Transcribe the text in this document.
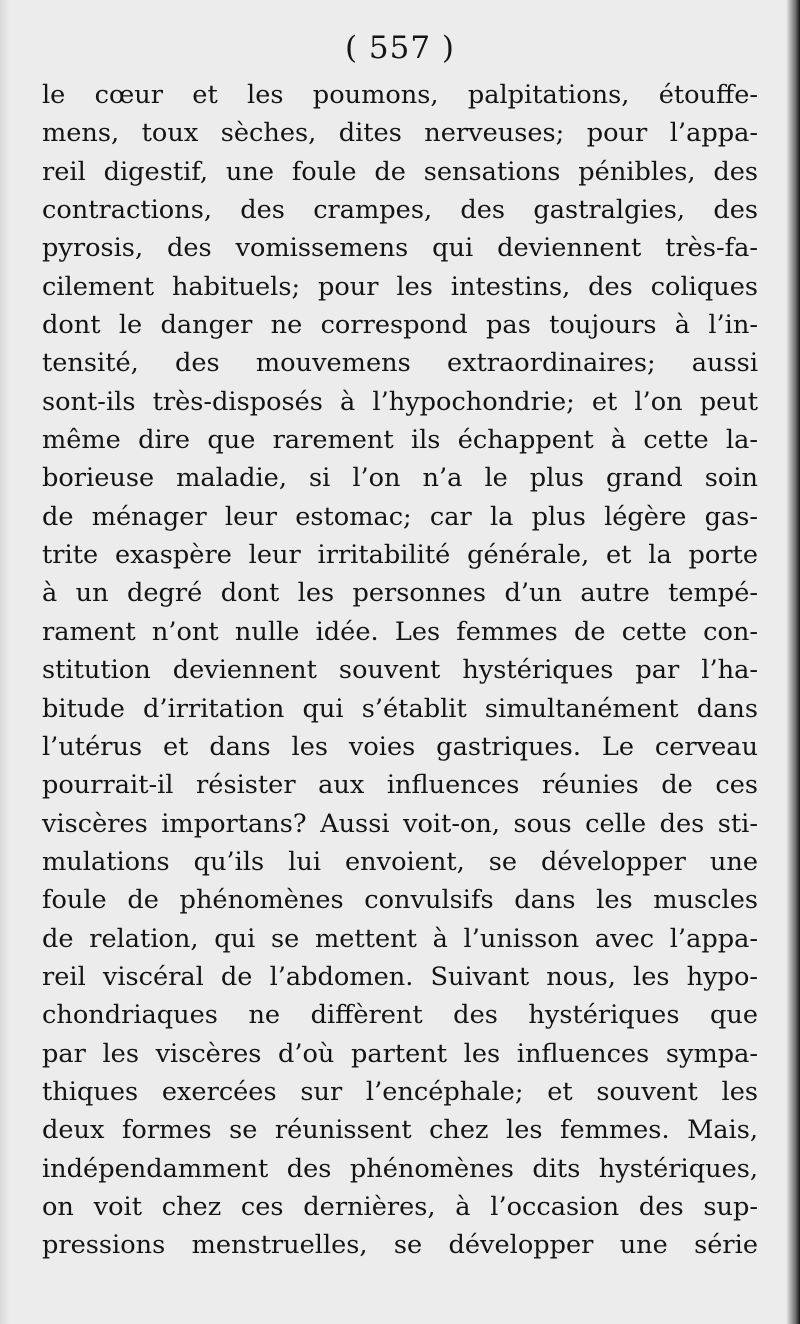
( 557 )
le cœur et les poumons, palpitations, étouffe-
mens, toux sèches, dites nerveuses; pour l’appa-
reil digestif, une foule de sensations pénibles, des
contractions, des crampes, des gastralgies, des
pyrosis, des vomissemens qui deviennent très-fa-
cilement habituels; pour les intestins, des coliques
dont le danger ne correspond pas toujours à l’in-
tensité, des mouvemens extraordinaires; aussi
sont-ils très-disposés à l’hypochondrie; et l’on peut
même dire que rarement ils échappent à cette la-
borieuse maladie, si l’on n’a le plus grand soin
de ménager leur estomac; car la plus légère gas-
trite exaspère leur irritabilité générale, et la porte
à un degré dont les personnes d’un autre tempé-
rament n’ont nulle idée. Les femmes de cette con-
stitution deviennent souvent hystériques par l’ha-
bitude d’irritation qui s’établit simultanément dans
l’utérus et dans les voies gastriques. Le cerveau
pourrait-il résister aux influences réunies de ces
viscères importans? Aussi voit-on, sous celle des sti-
mulations qu’ils lui envoient, se développer une
foule de phénomènes convulsifs dans les muscles
de relation, qui se mettent à l’unisson avec l’appa-
reil viscéral de l’abdomen. Suivant nous, les hypo-
chondriaques ne diffèrent des hystériques que
par les viscères d’où partent les influences sympa-
thiques exercées sur l’encéphale; et souvent les
deux formes se réunissent chez les femmes. Mais,
indépendamment des phénomènes dits hystériques,
on voit chez ces dernières, à l’occasion des sup-
pressions menstruelles, se développer une série
